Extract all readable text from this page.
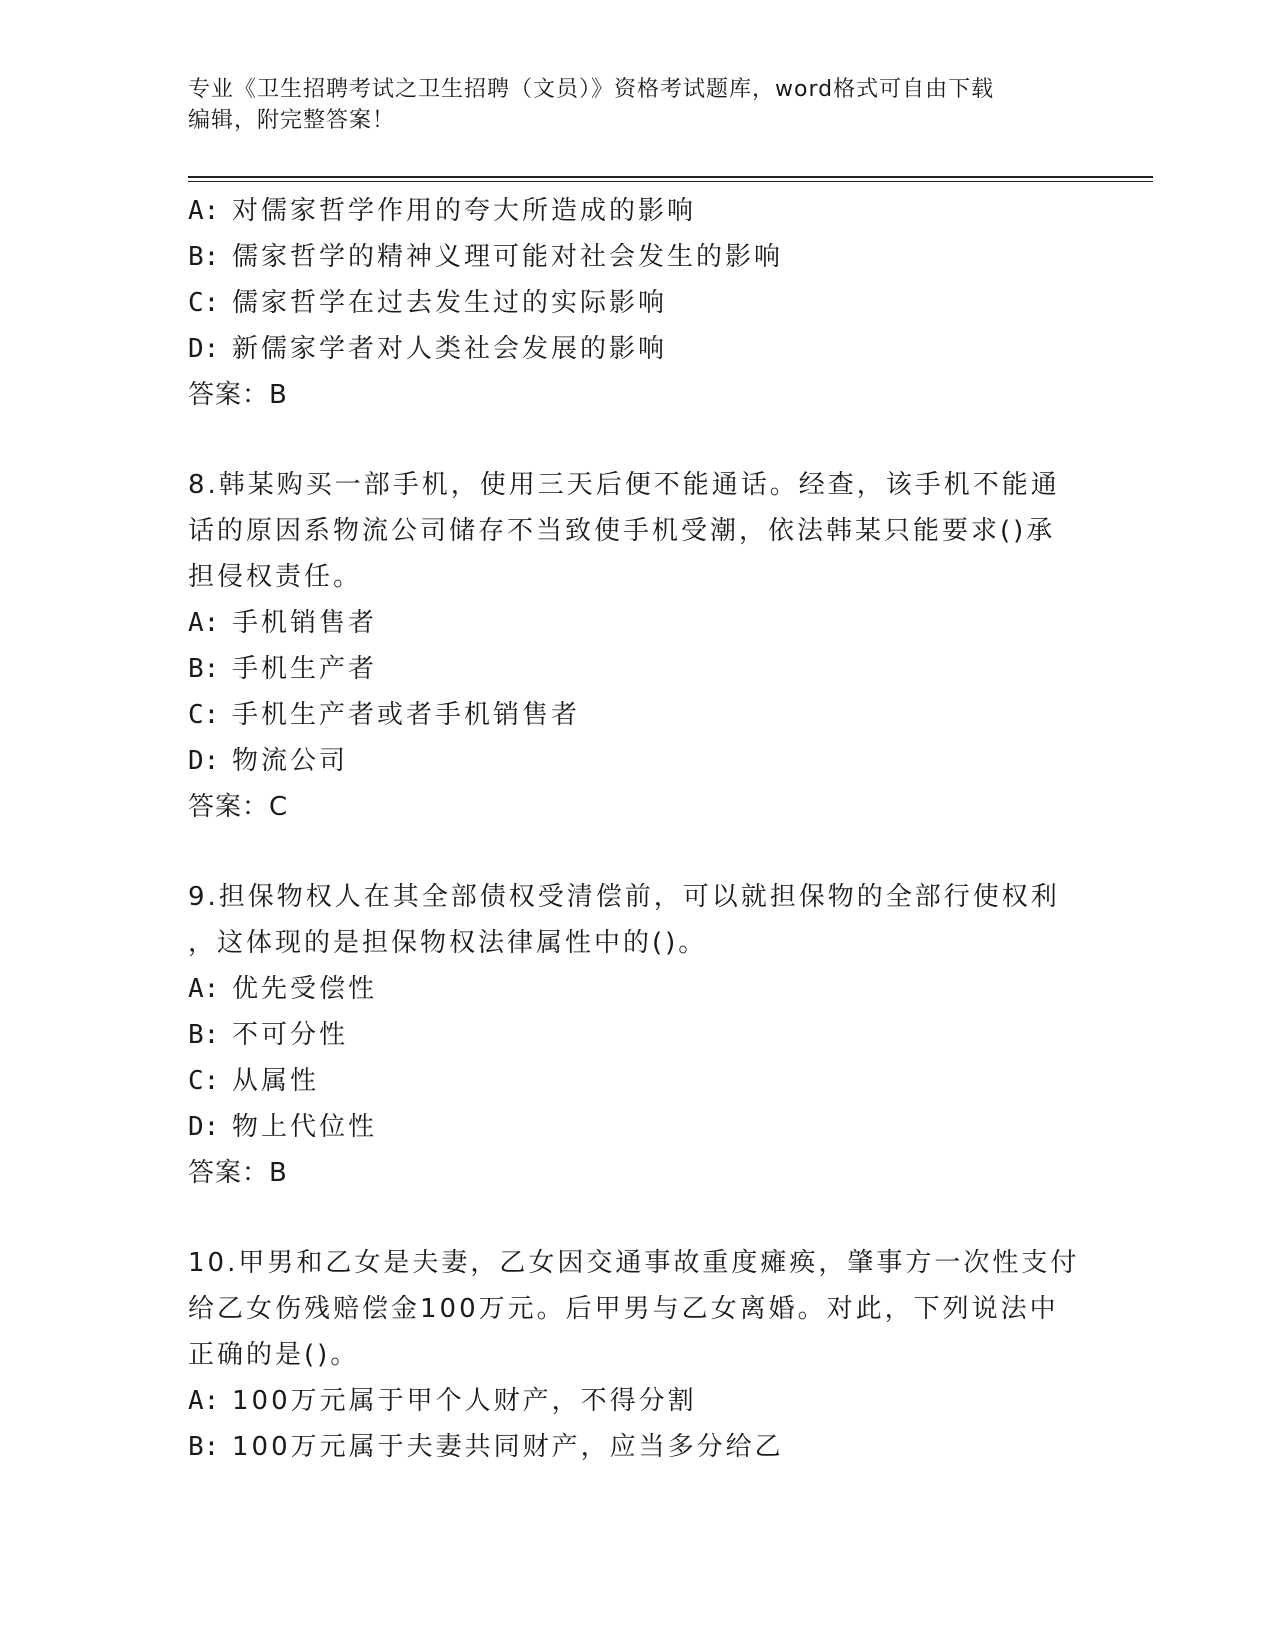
专业《卫生招聘考试之卫生招聘（文员）》资格考试题库，word格式可自由下载
编辑，附完整答案！
A: 对儒家哲学作用的夸大所造成的影响
B: 儒家哲学的精神义理可能对社会发生的影响
C: 儒家哲学在过去发生过的实际影响
D: 新儒家学者对人类社会发展的影响
答案：B
8.韩某购买一部手机，使用三天后便不能通话。经查，该手机不能通
话的原因系物流公司储存不当致使手机受潮，依法韩某只能要求()承
担侵权责任。
A: 手机销售者
B: 手机生产者
C: 手机生产者或者手机销售者
D: 物流公司
答案：C
9.担保物权人在其全部债权受清偿前，可以就担保物的全部行使权利
，这体现的是担保物权法律属性中的()。
A: 优先受偿性
B: 不可分性
C: 从属性
D: 物上代位性
答案：B
10.甲男和乙女是夫妻，乙女因交通事故重度瘫痪，肇事方一次性支付
给乙女伤残赔偿金100万元。后甲男与乙女离婚。对此，下列说法中
正确的是()。
A: 100万元属于甲个人财产，不得分割
B: 100万元属于夫妻共同财产，应当多分给乙
